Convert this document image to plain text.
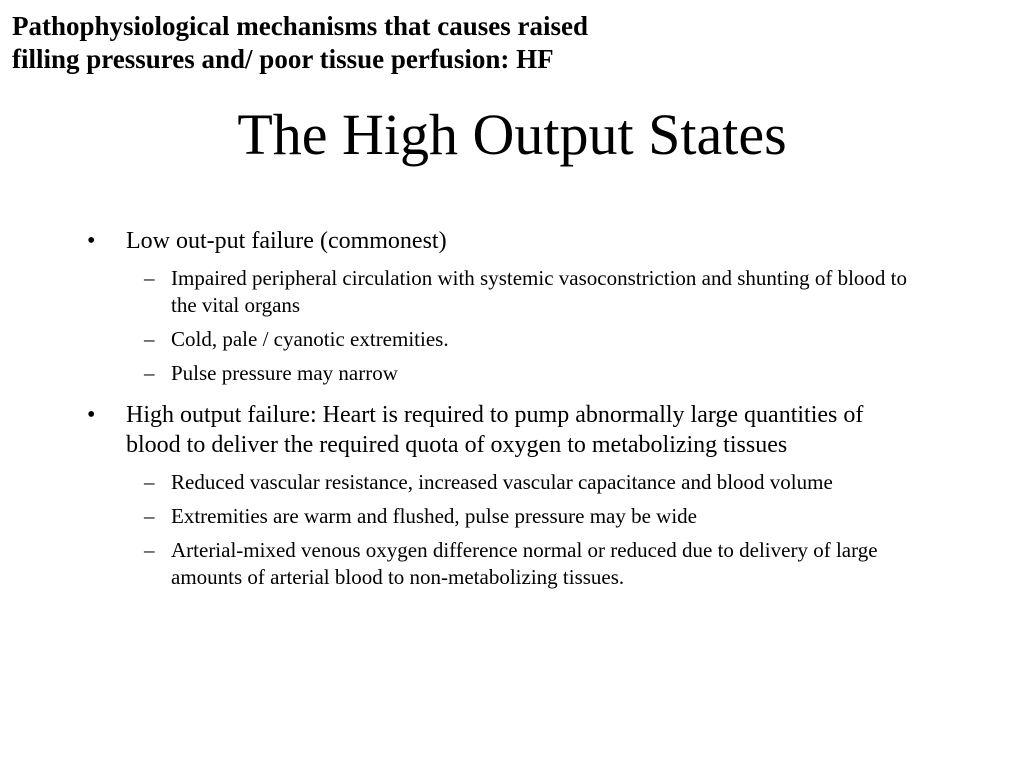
Pathophysiological mechanisms that causes raised
filling pressures and/ poor tissue perfusion: HF
The High Output States
• Low out-put failure (commonest)
– Impaired peripheral circulation with systemic vasoconstriction and shunting of blood to the vital organs
– Cold, pale / cyanotic extremities.
– Pulse pressure may narrow
• High output failure: Heart is required to pump abnormally large quantities of blood to deliver the required quota of oxygen to metabolizing tissues
– Reduced vascular resistance, increased vascular capacitance and blood volume
– Extremities are warm and flushed, pulse pressure may be wide
– Arterial-mixed venous oxygen difference normal or reduced due to delivery of large amounts of arterial blood to non-metabolizing tissues.
